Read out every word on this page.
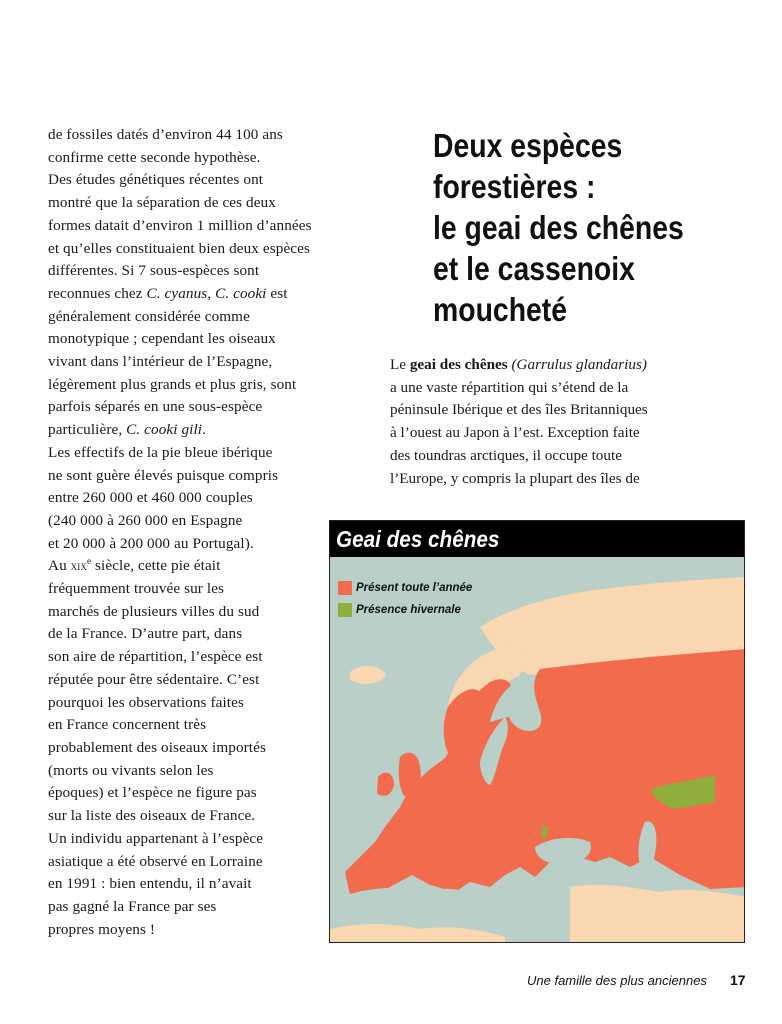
de fossiles datés d’environ 44 100 ans
confirme cette seconde hypothèse.
Des études génétiques récentes ont
montré que la séparation de ces deux
formes datait d’environ 1 million d’années
et qu’elles constituaient bien deux espèces
différentes. Si 7 sous-espèces sont
reconnues chez C. cyanus, C. cooki est
généralement considérée comme
monotypique ; cependant les oiseaux
vivant dans l’intérieur de l’Espagne,
légèrement plus grands et plus gris, sont
parfois séparés en une sous-espèce
particulière, C. cooki gili.
Les effectifs de la pie bleue ibérique
ne sont guère élevés puisque compris
entre 260 000 et 460 000 couples
(240 000 à 260 000 en Espagne
et 20 000 à 200 000 au Portugal).
Au xix$^e$ siècle, cette pie était
fréquemment trouvée sur les
marchés de plusieurs villes du sud
de la France. D’autre part, dans
son aire de répartition, l’espèce est
réputée pour être sédentaire. C’est
pourquoi les observations faites
en France concernent très
probablement des oiseaux importés
(morts ou vivants selon les
époques) et l’espèce ne figure pas
sur la liste des oiseaux de France.
Un individu appartenant à l’espèce
asiatique a été observé en Lorraine
en 1991 : bien entendu, il n’avait
pas gagné la France par ses
propres moyens !
Deux espèces
forestières :
le geai des chênes
et le cassenoix
moucheté
Le geai des chênes (Garrulus glandarius)
a une vaste répartition qui s’étend de la
péninsule Ibérique et des îles Britanniques
à l’ouest au Japon à l’est. Exception faite
des toundras arctiques, il occupe toute
l’Europe, y compris la plupart des îles de
Geai des chênes
Présent toute l’année
Présence hivernale
Une famille des plus anciennes 17
